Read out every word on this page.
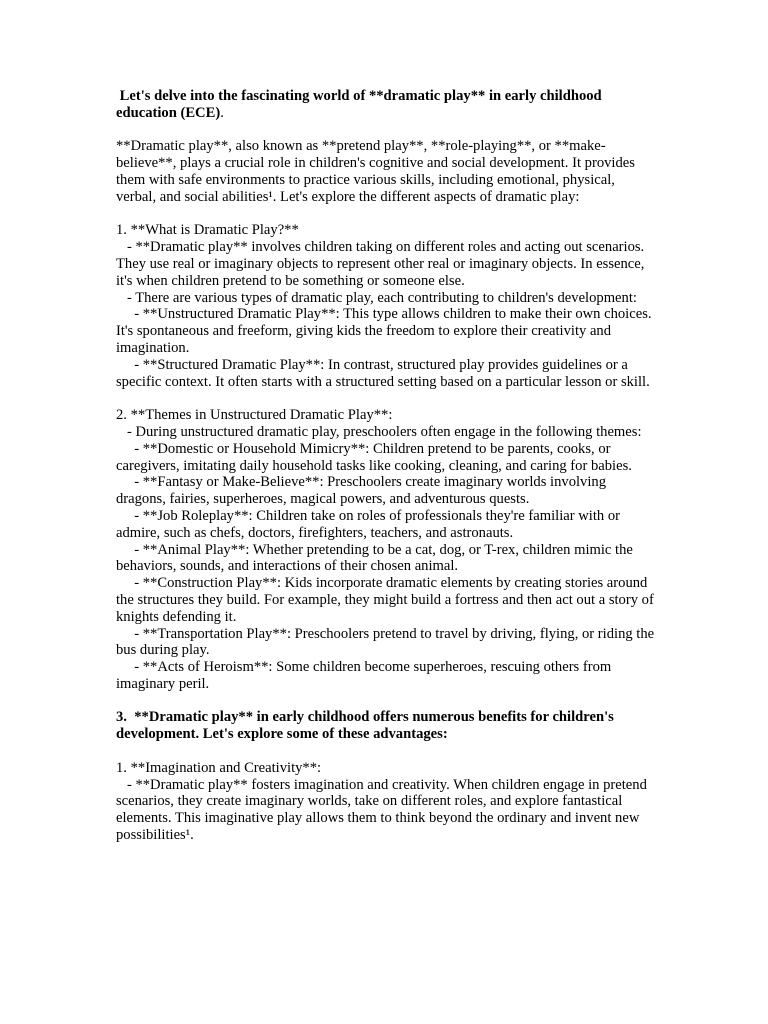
Let's delve into the fascinating world of **dramatic play** in early childhood education (ECE).

**Dramatic play**, also known as **pretend play**, **role-playing**, or **make-believe**, plays a crucial role in children's cognitive and social development. It provides them with safe environments to practice various skills, including emotional, physical, verbal, and social abilities¹. Let's explore the different aspects of dramatic play:

1. **What is Dramatic Play?**

- **Dramatic play** involves children taking on different roles and acting out scenarios. They use real or imaginary objects to represent other real or imaginary objects. In essence, it's when children pretend to be something or someone else.

- There are various types of dramatic play, each contributing to children's development:

- **Unstructured Dramatic Play**: This type allows children to make their own choices. It's spontaneous and freeform, giving kids the freedom to explore their creativity and imagination.

- **Structured Dramatic Play**: In contrast, structured play provides guidelines or a specific context. It often starts with a structured setting based on a particular lesson or skill.

2. **Themes in Unstructured Dramatic Play**:

- During unstructured dramatic play, preschoolers often engage in the following themes:

- **Domestic or Household Mimicry**: Children pretend to be parents, cooks, or caregivers, imitating daily household tasks like cooking, cleaning, and caring for babies.

- **Fantasy or Make-Believe**: Preschoolers create imaginary worlds involving dragons, fairies, superheroes, magical powers, and adventurous quests.

- **Job Roleplay**: Children take on roles of professionals they're familiar with or admire, such as chefs, doctors, firefighters, teachers, and astronauts.

- **Animal Play**: Whether pretending to be a cat, dog, or T-rex, children mimic the behaviors, sounds, and interactions of their chosen animal.

- **Construction Play**: Kids incorporate dramatic elements by creating stories around the structures they build. For example, they might build a fortress and then act out a story of knights defending it.

- **Transportation Play**: Preschoolers pretend to travel by driving, flying, or riding the bus during play.

- **Acts of Heroism**: Some children become superheroes, rescuing others from imaginary peril.

3.  **Dramatic play** in early childhood offers numerous benefits for children's development. Let's explore some of these advantages:

1. **Imagination and Creativity**:

- **Dramatic play** fosters imagination and creativity. When children engage in pretend scenarios, they create imaginary worlds, take on different roles, and explore fantastical elements. This imaginative play allows them to think beyond the ordinary and invent new possibilities¹.
